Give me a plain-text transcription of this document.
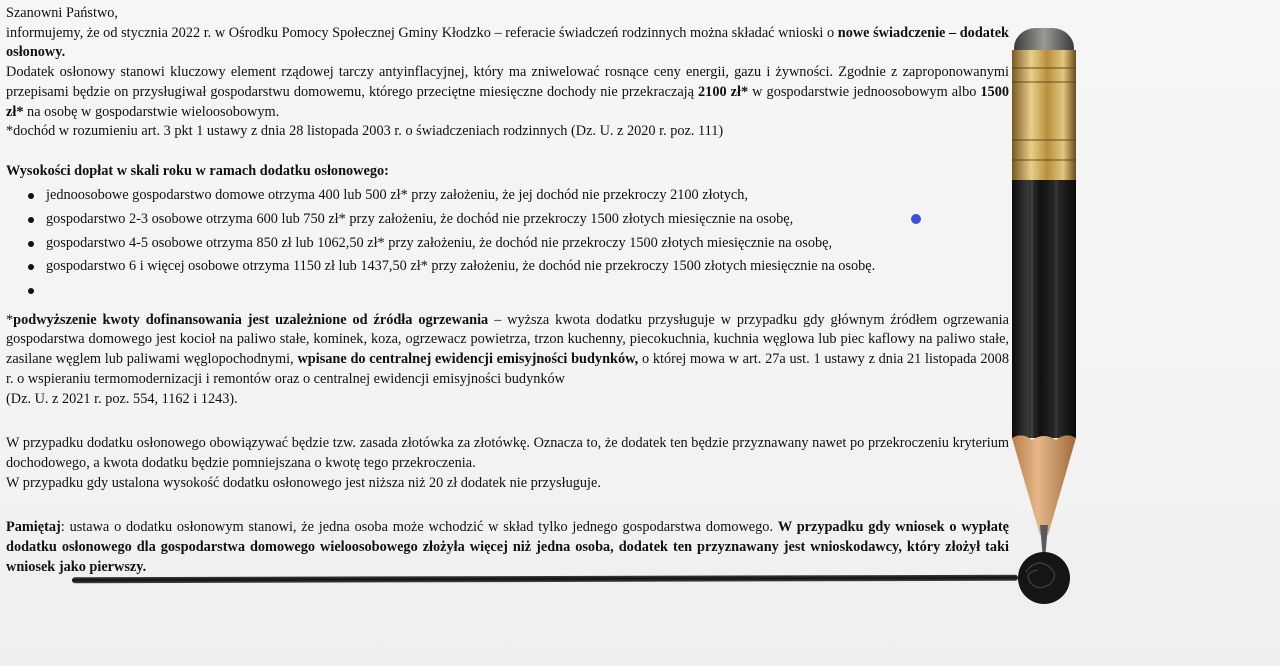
Szanowni Państwo,

informujemy, że od stycznia 2022 r. w Ośrodku Pomocy Społecznej Gminy Kłodzko – referacie świadczeń rodzinnych można składać wnioski o nowe świadczenie – dodatek osłonowy.

Dodatek osłonowy stanowi kluczowy element rządowej tarczy antyinflacyjnej, który ma zniwelować rosnące ceny energii, gazu i żywności. Zgodnie z zaproponowanymi przepisami będzie on przysługiwał gospodarstwu domowemu, którego przeciętne miesięczne dochody nie przekraczają 2100 zł* w gospodarstwie jednoosobowym albo 1500 zł* na osobę w gospodarstwie wieloosobowym.

*dochód w rozumieniu art. 3 pkt 1 ustawy z dnia 28 listopada 2003 r. o świadczeniach rodzinnych (Dz. U. z 2020 r. poz. 111)

Wysokości dopłat w skali roku w ramach dodatku osłonowego:

jednoosobowe gospodarstwo domowe otrzyma 400 lub 500 zł* przy założeniu, że jej dochód nie przekroczy 2100 złotych,
gospodarstwo 2-3 osobowe otrzyma 600 lub 750 zł* przy założeniu, że dochód nie przekroczy 1500 złotych miesięcznie na osobę,
gospodarstwo 4-5 osobowe otrzyma 850 zł lub 1062,50 zł* przy założeniu, że dochód nie przekroczy 1500 złotych miesięcznie na osobę,
gospodarstwo 6 i więcej osobowe otrzyma 1150 zł lub 1437,50 zł* przy założeniu, że dochód nie przekroczy 1500 złotych miesięcznie na osobę.

*podwyższenie kwoty dofinansowania jest uzależnione od źródła ogrzewania – wyższa kwota dodatku przysługuje w przypadku gdy głównym źródłem ogrzewania gospodarstwa domowego jest kocioł na paliwo stałe, kominek, koza, ogrzewacz powietrza, trzon kuchenny, piecokuchnia, kuchnia węglowa lub piec kaflowy na paliwo stałe, zasilane węglem lub paliwami węglopochodnymi, wpisane do centralnej ewidencji emisyjności budynków, o której mowa w art. 27a ust. 1 ustawy z dnia 21 listopada 2008 r. o wspieraniu termomodernizacji i remontów oraz o centralnej ewidencji emisyjności budynków

(Dz. U. z 2021 r. poz. 554, 1162 i 1243).

W przypadku dodatku osłonowego obowiązywać będzie tzw. zasada złotówka za złotówkę. Oznacza to, że dodatek ten będzie przyznawany nawet po przekroczeniu kryterium dochodowego, a kwota dodatku będzie pomniejszana o kwotę tego przekroczenia.

W przypadku gdy ustalona wysokość dodatku osłonowego jest niższa niż 20 zł dodatek nie przysługuje.

Pamiętaj: ustawa o dodatku osłonowym stanowi, że jedna osoba może wchodzić w skład tylko jednego gospodarstwa domowego. W przypadku gdy wniosek o wypłatę dodatku osłonowego dla gospodarstwa domowego wieloosobowego złożyła więcej niż jedna osoba, dodatek ten przyznawany jest wnioskodawcy, który złożył taki wniosek jako pierwszy.
